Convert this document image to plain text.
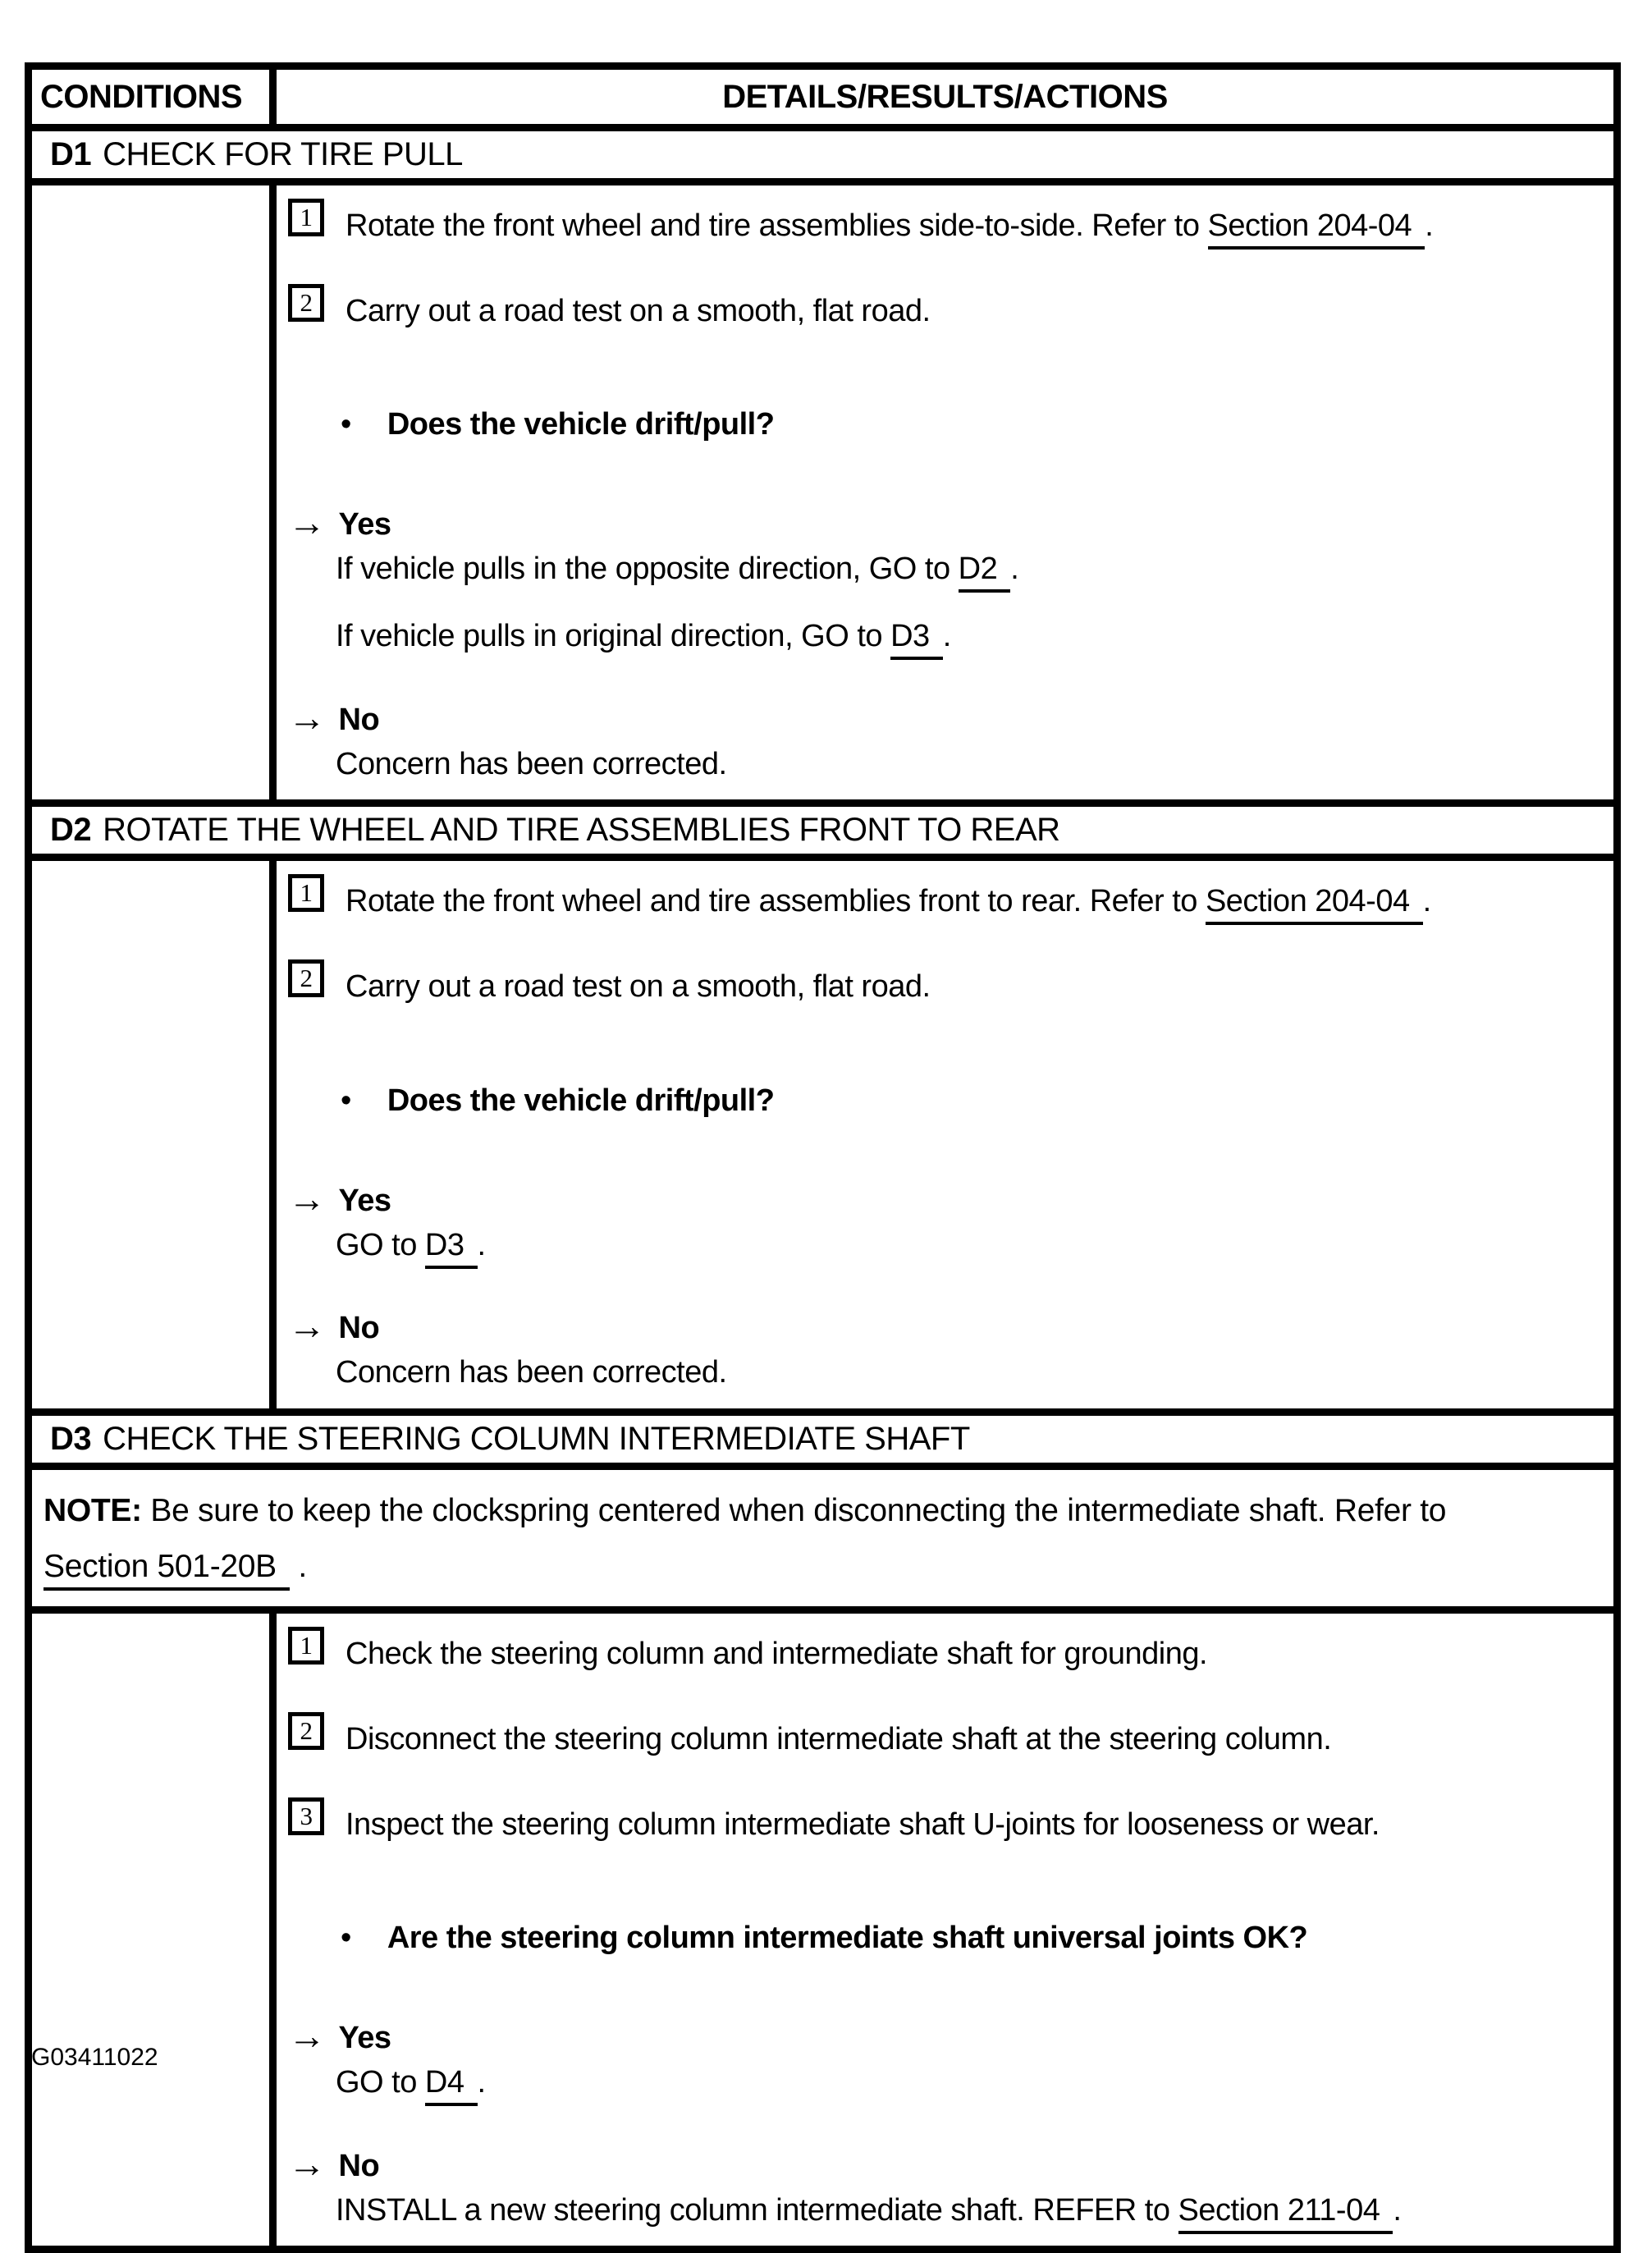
CONDITIONS	DETAILS/RESULTS/ACTIONS
D1 CHECK FOR TIRE PULL
1	Rotate the front wheel and tire assemblies side-to-side. Refer to Section 204-04 .
2	Carry out a road test on a smooth, flat road.
• Does the vehicle drift/pull?
→ Yes

If vehicle pulls in the opposite direction, GO to D2 .

If vehicle pulls in original direction, GO to D3 .

→ No

Concern has been corrected.

D2 ROTATE THE WHEEL AND TIRE ASSEMBLIES FRONT TO REAR
1	Rotate the front wheel and tire assemblies front to rear. Refer to Section 204-04 .
2	Carry out a road test on a smooth, flat road.
• Does the vehicle drift/pull?
→ Yes

GO to D3 .

→ No

Concern has been corrected.

D3 CHECK THE STEERING COLUMN INTERMEDIATE SHAFT
NOTE: Be sure to keep the clockspring centered when disconnecting the intermediate shaft. Refer to Section 501-20B .
1	Check the steering column and intermediate shaft for grounding.
2	Disconnect the steering column intermediate shaft at the steering column.
3	Inspect the steering column intermediate shaft U-joints for looseness or wear.
• Are the steering column intermediate shaft universal joints OK?
→ Yes

GO to D4 .

→ No

INSTALL a new steering column intermediate shaft. REFER to Section 211-04 .

G03411022
